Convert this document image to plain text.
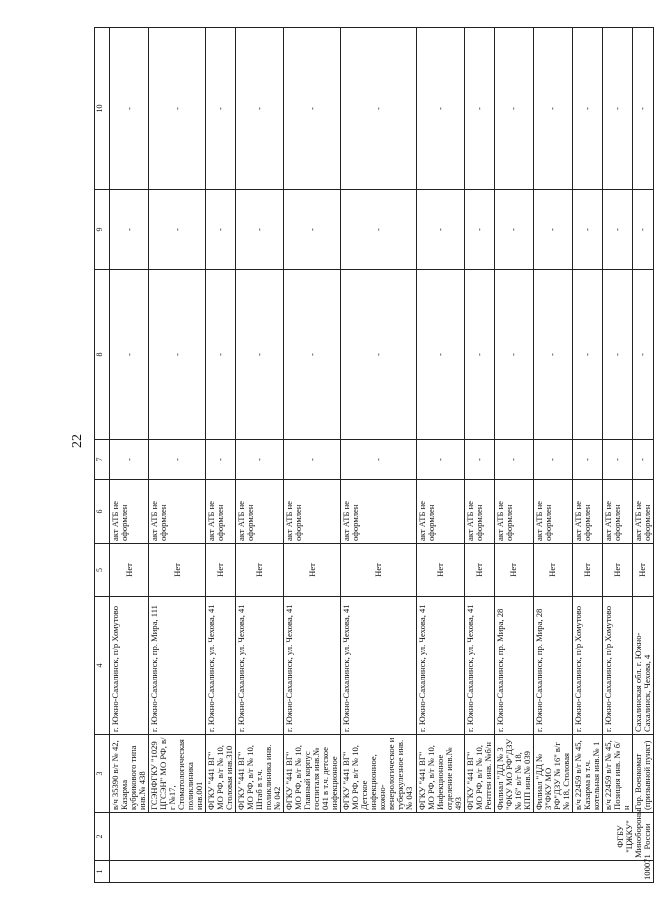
22
1	2	3	4	5	6	7	8	9	10
100071	ФГБУ "ЦЖКУ" Минобороны России	в/ч 35390 в/г № 42, Казарма кубрикового типа инв.№ 438	г. Южно-Сахалинск, п/р Хомутово	Нет	акт АТБ не оформлен	-	-	-	-
		ГСЭНФГКУ "1029 ЦГСЭН" МО РФ, в/г №17, Стоматологическая поликлиника инв.001	г. Южно-Сахалинск, пр. Мира, 111	Нет	акт АТБ не оформлен	-	-	-	-
		ФГКУ "441 ВГ" МО РФ, в/г № 10, Столовая инв.310	г. Южно-Сахалинск, ул. Чехова, 41	Нет	акт АТБ не оформлен	-	-	-	-
		ФГКУ "441 ВГ" МО РФ, в/г № 10, Штаб в т.ч. поликлиника инв.№ 042	г. Южно-Сахалинск, ул. Чехова, 41	Нет	акт АТБ не оформлен	-	-	-	-
		ФГКУ "441 ВГ" МО РФ, в/г № 10, Главный корпус госпиталя инв.№ 041 в т.ч. детское инфекционное	г. Южно-Сахалинск, ул. Чехова, 41	Нет	акт АТБ не оформлен	-	-	-	-
		ФГКУ "441 ВГ" МО РФ, в/г № 10, Детское инфекционное, кожно-венерологическое и туберкулезное инв.№ 043	г. Южно-Сахалинск, ул. Чехова, 41	Нет	акт АТБ не оформлен	-	-	-	-
		ФГКУ "441 ВГ" МО РФ, в/г № 10, Инфекционное отделение инв.№ 493	г. Южно-Сахалинск, ул. Чехова, 41	Нет	акт АТБ не оформлен	-	-	-	-
		ФГКУ "441 ВГ" МО РФ, в/г № 10, Рентген инв. №б/н	г. Южно-Сахалинск, ул. Чехова, 41	Нет	акт АТБ не оформлен	-	-	-	-
		Филиал "ДД № 3 "ФКУ МО РФ"ДЗУ № 16" в/г № 18, КПП инв.№ 039	г. Южно-Сахалинск, пр. Мира, 28	Нет	акт АТБ не оформлен	-	-	-	-
		Филиал "ДД № 3"ФКУ МО РФ"ДЗУ № 16" в/г № 18, Столовая	г. Южно-Сахалинск, пр. Мира, 28	Нет	акт АТБ не оформлен	-	-	-	-
		в/ч 22459 в/г № 45, Казарма в т.ч. котельная инв.№ 1	г. Южно-Сахалинск, п/р Хомутово	Нет	акт АТБ не оформлен	-	-	-	-
		в/ч 22459 в/г № 45, Позиция инв. № б/н	г. Южно-Сахалинск, п/р Хомутово	Нет	акт АТБ не оформлен	-	-	-	-
		Гор. Военкомат (призывной пункт)	Сахалинская обл. г. Южно-Сахалинск, Чехова, 4	Нет	акт АТБ не оформлен	-	-	-	-
